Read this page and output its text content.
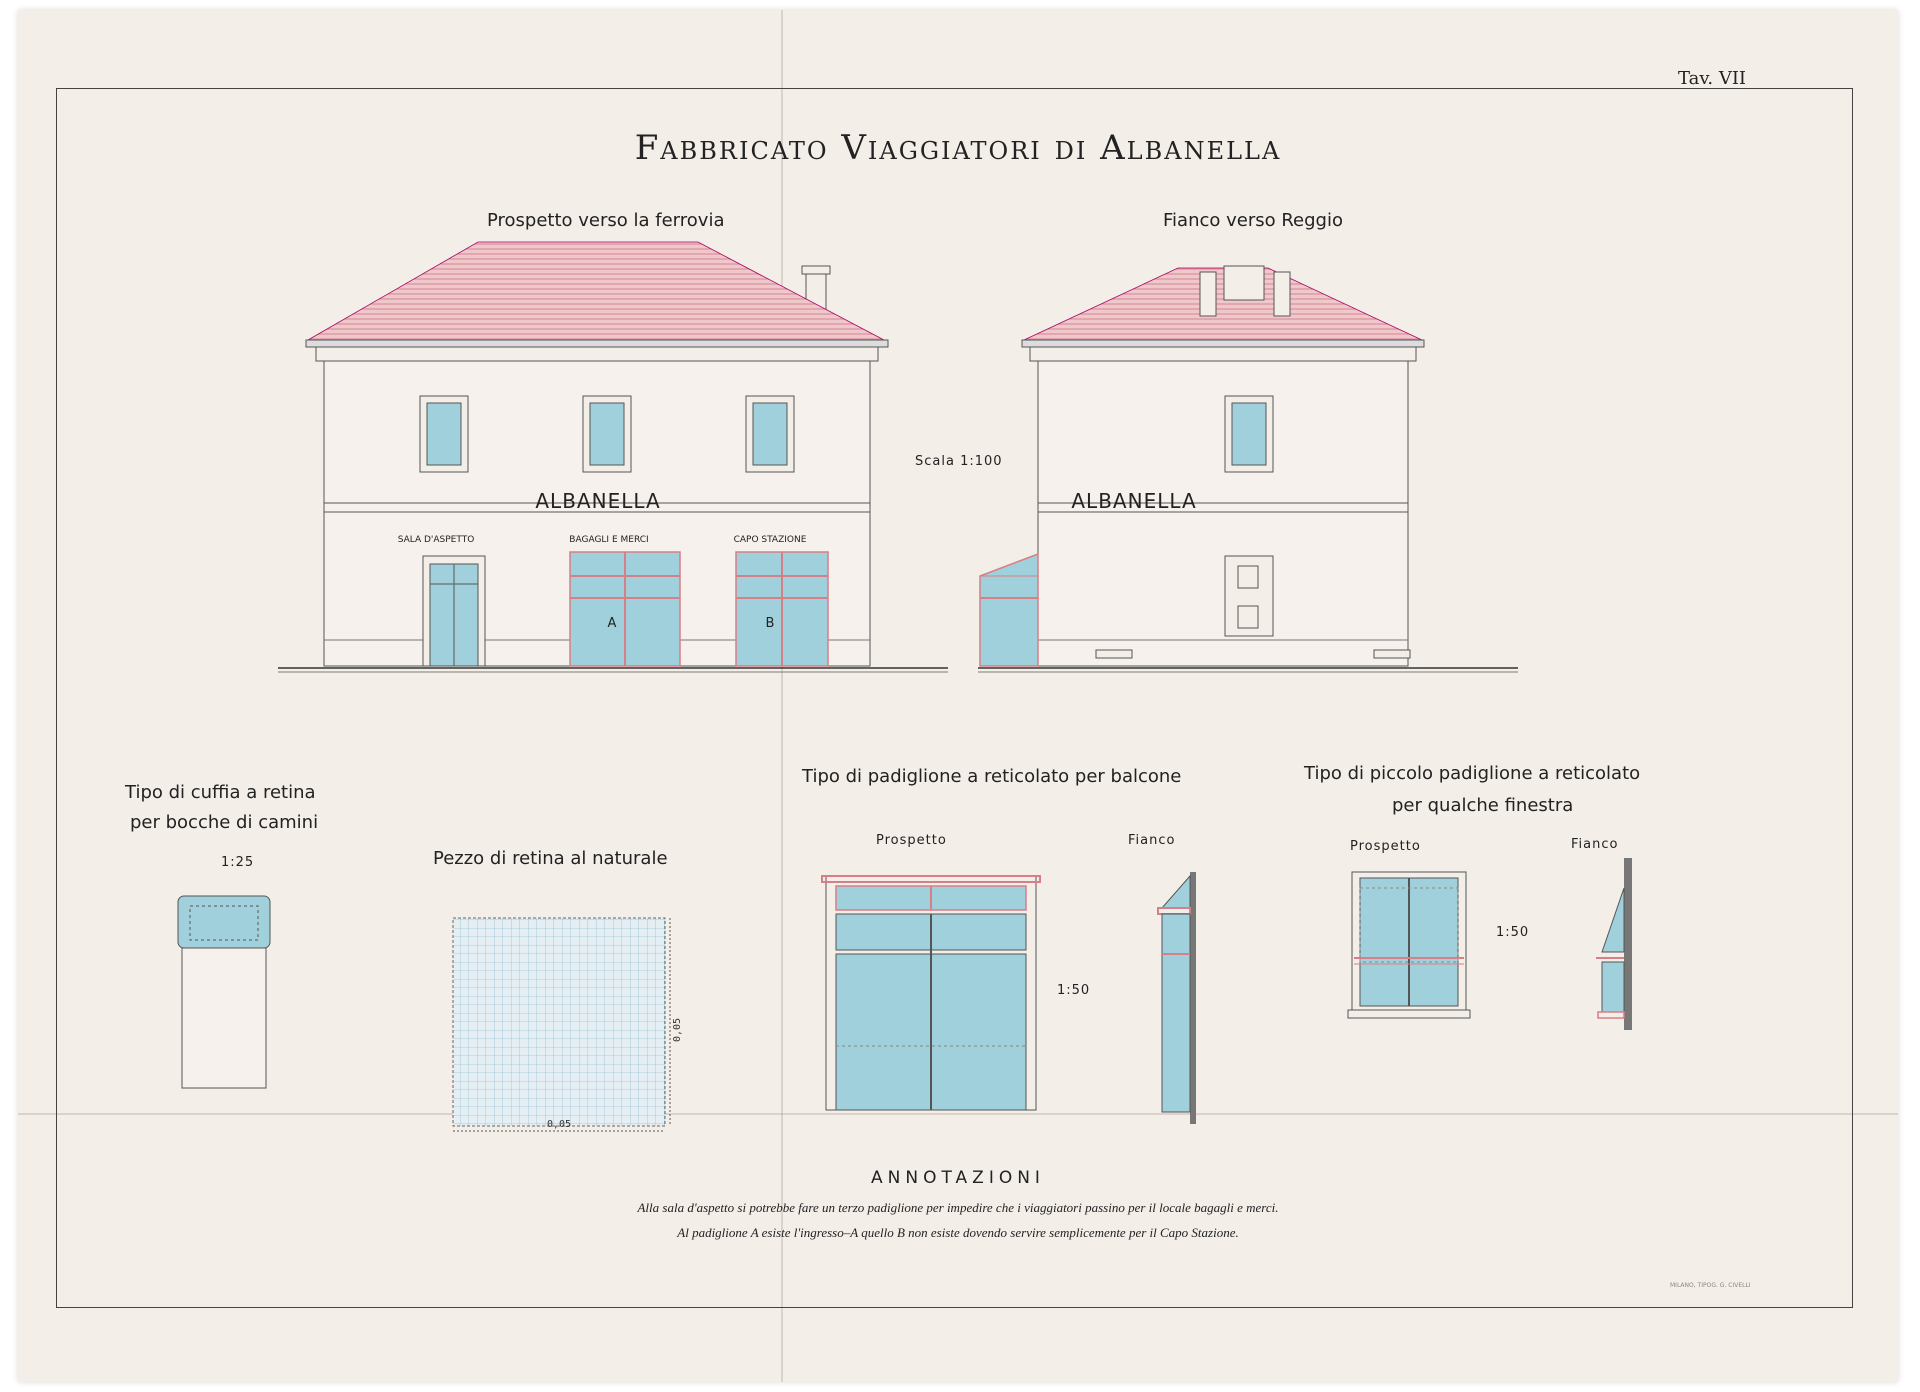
Tav. VII
Fabbricato Viaggiatori di Albanella
Prospetto verso la ferrovia	Fianco verso Reggio
Scala 1:100
Tipo di cuffia a retina
per bocche di camini
1:25	Pezzo di retina al naturale
Tipo di padiglione a reticolato per balcone
Prospetto	Fianco
1:50
Tipo di piccolo padiglione a reticolato
per qualche finestra
Prospetto	Fianco
1:50
ANNOTAZIONI
Alla sala d'aspetto si potrebbe fare un terzo padiglione per impedire che i viaggiatori passino per il locale bagagli e merci.
Al padiglione A esiste l'ingresso–A quello B non esiste dovendo servire semplicemente per il Capo Stazione.
MILANO, TIPOG. G. CIVELLI
ALBANELLA
SALA D'ASPETTO	BAGAGLI E MERCI	CAPO STAZIONE
A	B
ALBANELLA
0,05
0,05
